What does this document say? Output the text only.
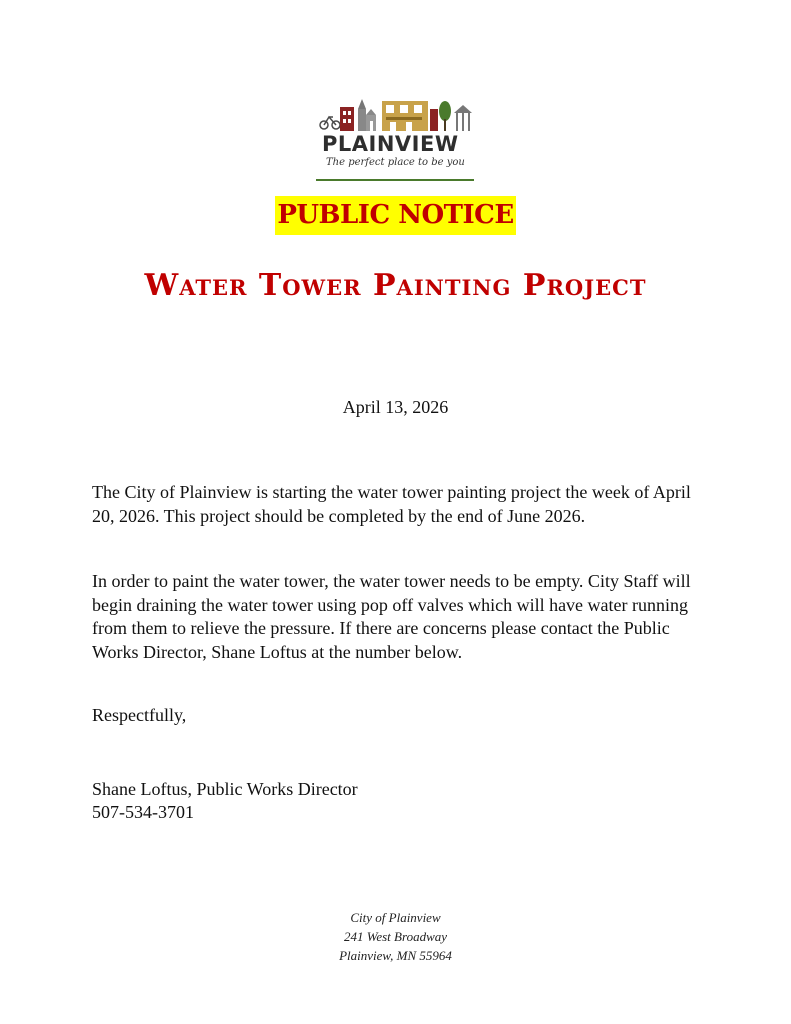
PLAINVIEW
The perfect place to be you
PUBLIC NOTICE
Water Tower Painting Project
April 13, 2026
The City of Plainview is starting the water tower painting project the week of April 20, 2026. This project should be completed by the end of June 2026.
In order to paint the water tower, the water tower needs to be empty. City Staff will begin draining the water tower using pop off valves which will have water running from them to relieve the pressure. If there are concerns please contact the Public Works Director, Shane Loftus at the number below.
Respectfully,
Shane Loftus, Public Works Director
507-534-3701
City of Plainview
241 West Broadway
Plainview, MN 55964
